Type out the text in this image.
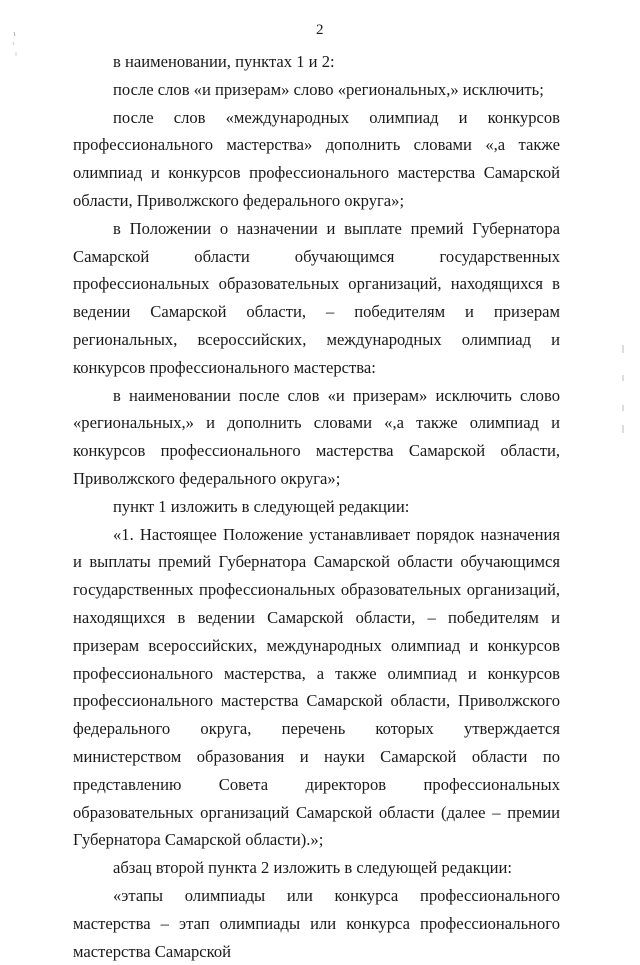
2

в наименовании, пунктах 1 и 2:

после слов «и призерам» слово «региональных,» исключить;

после слов «международных олимпиад и конкурсов профессионального мастерства» дополнить словами «,а также олимпиад и конкурсов профессионального мастерства Самарской области, Приволжского федерального округа»;

в Положении о назначении и выплате премий Губернатора Самарской области обучающимся государственных профессиональных образовательных организаций, находящихся в ведении Самарской области, – победителям и призерам региональных, всероссийских, международных олимпиад и конкурсов профессионального мастерства:

в наименовании после слов «и призерам» исключить слово «региональных,» и дополнить словами «,а также олимпиад и конкурсов профессионального мастерства Самарской области, Приволжского федерального округа»;

пункт 1 изложить в следующей редакции:

«1. Настоящее Положение устанавливает порядок назначения и выплаты премий Губернатора Самарской области обучающимся государственных профессиональных образовательных организаций, находящихся в ведении Самарской области, – победителям и призерам всероссийских, международных олимпиад и конкурсов профессионального мастерства, а также олимпиад и конкурсов профессионального мастерства Самарской области, Приволжского федерального округа, перечень которых утверждается министерством образования и науки Самарской области по представлению Совета директоров профессиональных образовательных организаций Самарской области (далее – премии Губернатора Самарской области).»;

абзац второй пункта 2 изложить в следующей редакции:

«этапы олимпиады или конкурса профессионального мастерства – этап олимпиады или конкурса профессионального мастерства Самарской
